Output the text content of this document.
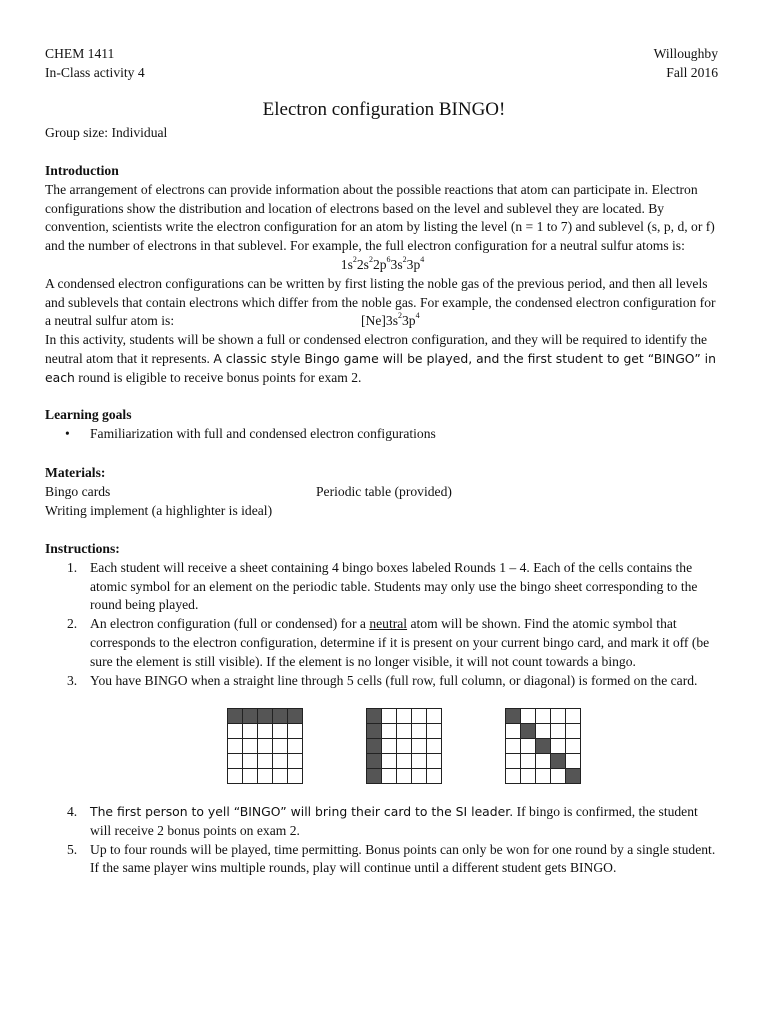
CHEM 1411
In-Class activity 4
Willoughby
Fall 2016
Electron configuration BINGO!
Group size: Individual
Introduction
The arrangement of electrons can provide information about the possible reactions that atom can participate in. Electron configurations show the distribution and location of electrons based on the level and sublevel they are located. By convention, scientists write the electron configuration for an atom by listing the level (n = 1 to 7) and sublevel (s, p, d, or f) and the number of electrons in that sublevel. For example, the full electron configuration for a neutral sulfur atoms is:
$1s^22s^22p^63s^23p^4$
A condensed electron configurations can be written by first listing the noble gas of the previous period, and then all levels and sublevels that contain electrons which differ from the noble gas. For example, the condensed electron configuration for a neutral sulfur atom is:	$[Ne]3s^23p^4$
In this activity, students will be shown a full or condensed electron configuration, and they will be required to identify the neutral atom that it represents. A classic style Bingo game will be played, and the first student to get “BINGO” in each round is eligible to receive bonus points for exam 2.
Learning goals
• Familiarization with full and condensed electron configurations
Materials:
Bingo cards	Periodic table (provided)
Writing implement (a highlighter is ideal)
Instructions:
1. Each student will receive a sheet containing 4 bingo boxes labeled Rounds 1 – 4. Each of the cells contains the atomic symbol for an element on the periodic table. Students may only use the bingo sheet corresponding to the round being played.
2. An electron configuration (full or condensed) for a neutral atom will be shown. Find the atomic symbol that corresponds to the electron configuration, determine if it is present on your current bingo card, and mark it off (be sure the element is still visible). If the element is no longer visible, it will not count towards a bingo.
3. You have BINGO when a straight line through 5 cells (full row, full column, or diagonal) is formed on the card.

4. The first person to yell “BINGO” will bring their card to the SI leader. If bingo is confirmed, the student will receive 2 bonus points on exam 2.
5. Up to four rounds will be played, time permitting. Bonus points can only be won for one round by a single student. If the same player wins multiple rounds, play will continue until a different student gets BINGO.
